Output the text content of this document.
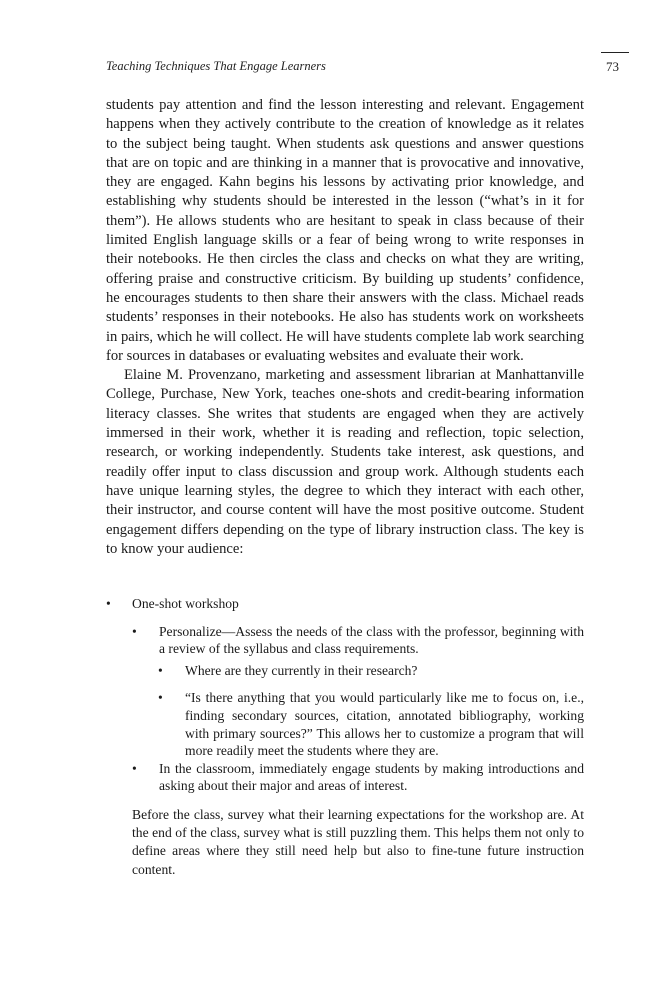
Teaching Techniques That Engage Learners	73

students pay attention and find the lesson interesting and relevant. Engagement happens when they actively contribute to the creation of knowledge as it relates to the subject being taught. When students ask questions and answer questions that are on topic and are thinking in a manner that is provocative and innovative, they are engaged. Kahn begins his lessons by activating prior knowledge, and establishing why students should be interested in the lesson (“what’s in it for them”). He allows students who are hesitant to speak in class because of their limited English language skills or a fear of being wrong to write responses in their notebooks. He then circles the class and checks on what they are writing, offering praise and constructive criticism. By building up students’ confidence, he encourages students to then share their answers with the class. Michael reads students’ responses in their notebooks. He also has students work on worksheets in pairs, which he will collect. He will have students complete lab work searching for sources in databases or evaluating websites and evaluate their work.

Elaine M. Provenzano, marketing and assessment librarian at Manhattanville College, Purchase, New York, teaches one-shots and credit-bearing information literacy classes. She writes that students are engaged when they are actively immersed in their work, whether it is reading and reflection, topic selection, research, or working independently. Students take interest, ask questions, and readily offer input to class discussion and group work. Although students each have unique learning styles, the degree to which they interact with each other, their instructor, and course content will have the most positive outcome. Student engagement differs depending on the type of library instruction class. The key is to know your audience:

• One-shot workshop
• Personalize—Assess the needs of the class with the professor, beginning with a review of the syllabus and class requirements.
• Where are they currently in their research?
• “Is there anything that you would particularly like me to focus on, i.e., finding secondary sources, citation, annotated bibliography, working with primary sources?” This allows her to customize a program that will more readily meet the students where they are.
• In the classroom, immediately engage students by making introductions and asking about their major and areas of interest.
Before the class, survey what their learning expectations for the workshop are. At the end of the class, survey what is still puzzling them. This helps them not only to define areas where they still need help but also to fine-tune future instruction content.
